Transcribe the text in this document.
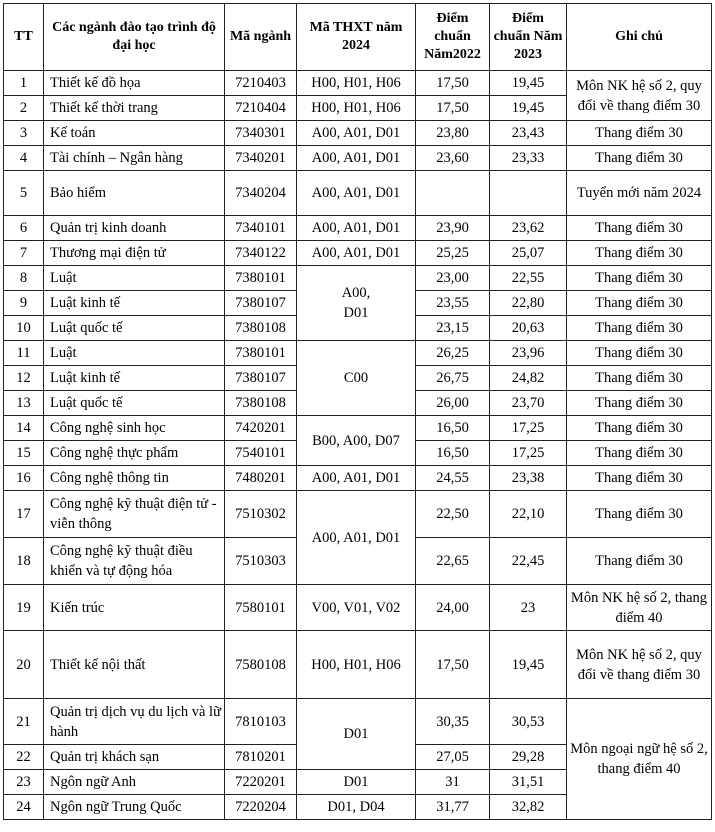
TT	Các ngành đào tạo trình độ đại học	Mã ngành	Mã THXT năm 2024	Điểm chuẩn Năm2022	Điểm chuẩn Năm 2023	Ghi chú
1	Thiết kế đồ họa	7210403	H00, H01, H06	17,50	19,45	Môn NK hệ số 2, quy đổi về thang điểm 30
2	Thiết kế thời trang	7210404	H00, H01, H06	17,50	19,45	
3	Kế toán	7340301	A00, A01, D01	23,80	23,43	Thang điểm 30
4	Tài chính – Ngân hàng	7340201	A00, A01, D01	23,60	23,33	Thang điểm 30
5	Bảo hiểm	7340204	A00, A01, D01			Tuyển mới năm 2024
6	Quản trị kinh doanh	7340101	A00, A01, D01	23,90	23,62	Thang điểm 30
7	Thương mại điện tử	7340122	A00, A01, D01	25,25	25,07	Thang điểm 30
8	Luật	7380101	A00, D01	23,00	22,55	Thang điểm 30
9	Luật kinh tế	7380107		23,55	22,80	Thang điểm 30
10	Luật quốc tế	7380108		23,15	20,63	Thang điểm 30
11	Luật	7380101	C00	26,25	23,96	Thang điểm 30
12	Luật kinh tế	7380107		26,75	24,82	Thang điểm 30
13	Luật quốc tế	7380108		26,00	23,70	Thang điểm 30
14	Công nghệ sinh học	7420201	B00, A00, D07	16,50	17,25	Thang điểm 30
15	Công nghệ thực phẩm	7540101		16,50	17,25	Thang điểm 30
16	Công nghệ thông tin	7480201	A00, A01, D01	24,55	23,38	Thang điểm 30
17	Công nghệ kỹ thuật điện tử - viễn thông	7510302	A00, A01, D01	22,50	22,10	Thang điểm 30
18	Công nghệ kỹ thuật điều khiển và tự động hóa	7510303		22,65	22,45	Thang điểm 30
19	Kiến trúc	7580101	V00, V01, V02	24,00	23	Môn NK hệ số 2, thang điểm 40
20	Thiết kế nội thất	7580108	H00, H01, H06	17,50	19,45	Môn NK hệ số 2, quy đổi về thang điểm 30
21	Quản trị dịch vụ du lịch và lữ hành	7810103	D01	30,35	30,53	Môn ngoại ngữ hệ số 2, thang điểm 40
22	Quản trị khách sạn	7810201		27,05	29,28	
23	Ngôn ngữ Anh	7220201	D01	31	31,51	
24	Ngôn ngữ Trung Quốc	7220204	D01, D04	31,77	32,82	
